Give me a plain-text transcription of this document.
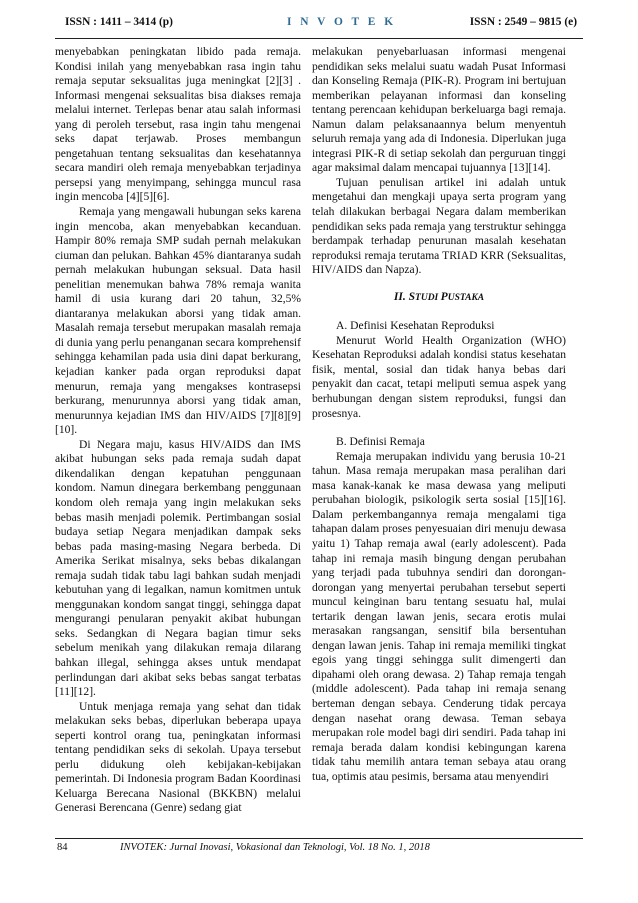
ISSN : 1411 – 3414 (p)	I N V O T E K	ISSN : 2549 – 9815 (e)

menyebabkan peningkatan libido pada remaja. Kondisi inilah yang menyebabkan rasa ingin tahu remaja seputar seksualitas juga meningkat [2][3] . Informasi mengenai seksualitas bisa diakses remaja melalui internet. Terlepas benar atau salah informasi yang di peroleh tersebut, rasa ingin tahu mengenai seks dapat terjawab. Proses membangun pengetahuan tentang seksualitas dan kesehatannya secara mandiri oleh remaja menyebabkan terjadinya persepsi yang menyimpang, sehingga muncul rasa ingin mencoba [4][5][6].

Remaja yang mengawali hubungan seks karena ingin mencoba, akan menyebabkan kecanduan. Hampir 80% remaja SMP sudah pernah melakukan ciuman dan pelukan. Bahkan 45% diantaranya sudah pernah melakukan hubungan seksual. Data hasil penelitian menemukan bahwa 78% remaja wanita hamil di usia kurang dari 20 tahun, 32,5% diantaranya melakukan aborsi yang tidak aman. Masalah remaja tersebut merupakan masalah remaja di dunia yang perlu penanganan secara komprehensif sehingga kehamilan pada usia dini dapat berkurang, kejadian kanker pada organ reproduksi dapat menurun, remaja yang mengakses kontrasepsi berkurang, menurunnya aborsi yang tidak aman, menurunnya kejadian IMS dan HIV/AIDS [7][8][9][10].

Di Negara maju, kasus HIV/AIDS dan IMS akibat hubungan seks pada remaja sudah dapat dikendalikan dengan kepatuhan penggunaan kondom. Namun dinegara berkembang penggunaan kondom oleh remaja yang ingin melakukan seks bebas masih menjadi polemik. Pertimbangan sosial budaya setiap Negara menjadikan dampak seks bebas pada masing-masing Negara berbeda. Di Amerika Serikat misalnya, seks bebas dikalangan remaja sudah tidak tabu lagi bahkan sudah menjadi kebutuhan yang di legalkan, namun komitmen untuk menggunakan kondom sangat tinggi, sehingga dapat mengurangi penularan penyakit akibat hubungan seks. Sedangkan di Negara bagian timur seks sebelum menikah yang dilakukan remaja dilarang bahkan illegal, sehingga akses untuk mendapat perlindungan dari akibat seks bebas sangat terbatas [11][12].

Untuk menjaga remaja yang sehat dan tidak melakukan seks bebas, diperlukan beberapa upaya seperti kontrol orang tua, peningkatan informasi tentang pendidikan seks di sekolah. Upaya tersebut perlu didukung oleh kebijakan-kebijakan pemerintah. Di Indonesia program Badan Koordinasi Keluarga Berecana Nasional (BKKBN) melalui Generasi Berencana (Genre) sedang giat

melakukan penyebarluasan informasi mengenai pendidikan seks melalui suatu wadah Pusat Informasi dan Konseling Remaja (PIK-R). Program ini bertujuan memberikan pelayanan informasi dan konseling tentang perencaan kehidupan berkeluarga bagi remaja. Namun dalam pelaksanaannya belum menyentuh seluruh remaja yang ada di Indonesia. Diperlukan juga integrasi PIK-R di setiap sekolah dan perguruan tinggi agar maksimal dalam mencapai tujuannya [13][14].

Tujuan penulisan artikel ini adalah untuk mengetahui dan mengkaji upaya serta program yang telah dilakukan berbagai Negara dalam memberikan pendidikan seks pada remaja yang terstruktur sehingga berdampak terhadap penurunan masalah kesehatan reproduksi remaja terutama TRIAD KRR (Seksualitas, HIV/AIDS dan Napza).

II. STUDI PUSTAKA

A. Definisi Kesehatan Reproduksi

Menurut World Health Organization (WHO) Kesehatan Reproduksi adalah kondisi status kesehatan fisik, mental, sosial dan tidak hanya bebas dari penyakit dan cacat, tetapi meliputi semua aspek yang berhubungan dengan sistem reproduksi, fungsi dan prosesnya.

B. Definisi Remaja

Remaja merupakan individu yang berusia 10-21 tahun. Masa remaja merupakan masa peralihan dari masa kanak-kanak ke masa dewasa yang meliputi perubahan biologik, psikologik serta sosial [15][16]. Dalam perkembangannya remaja mengalami tiga tahapan dalam proses penyesuaian diri menuju dewasa yaitu 1) Tahap remaja awal (early adolescent). Pada tahap ini remaja masih bingung dengan perubahan yang terjadi pada tubuhnya sendiri dan dorongan-dorongan yang menyertai perubahan tersebut seperti muncul keinginan baru tentang sesuatu hal, mulai tertarik dengan lawan jenis, secara erotis mulai merasakan rangsangan, sensitif bila bersentuhan dengan lawan jenis. Tahap ini remaja memiliki tingkat egois yang tinggi sehingga sulit dimengerti dan dipahami oleh orang dewasa. 2) Tahap remaja tengah (middle adolescent). Pada tahap ini remaja senang berteman dengan sebaya. Cenderung tidak percaya dengan nasehat orang dewasa. Teman sebaya merupakan role model bagi diri sendiri. Pada tahap ini remaja berada dalam kondisi kebingungan karena tidak tahu memilih antara teman sebaya atau orang tua, optimis atau pesimis, bersama atau menyendiri

84	INVOTEK: Jurnal Inovasi, Vokasional dan Teknologi, Vol. 18 No. 1, 2018
